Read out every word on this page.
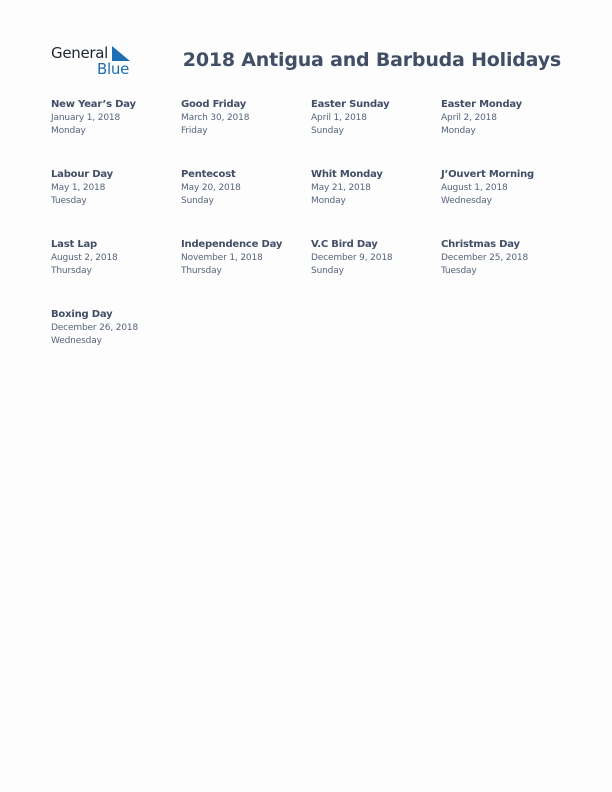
General
Blue	2018 Antigua and Barbuda Holidays
New Year’s Day
January 1, 2018
Monday
Good Friday
March 30, 2018
Friday
Easter Sunday
April 1, 2018
Sunday
Easter Monday
April 2, 2018
Monday
Labour Day
May 1, 2018
Tuesday
Pentecost
May 20, 2018
Sunday
Whit Monday
May 21, 2018
Monday
J’Ouvert Morning
August 1, 2018
Wednesday
Last Lap
August 2, 2018
Thursday
Independence Day
November 1, 2018
Thursday
V.C Bird Day
December 9, 2018
Sunday
Christmas Day
December 25, 2018
Tuesday
Boxing Day
December 26, 2018
Wednesday
